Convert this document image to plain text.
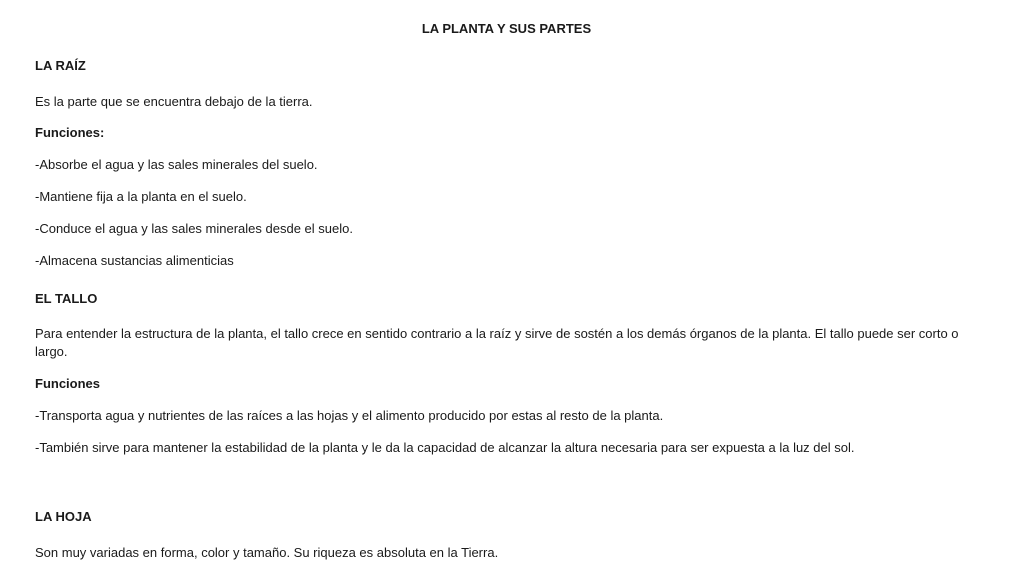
LA PLANTA Y SUS PARTES
LA RAÍZ
Es la parte que se encuentra debajo de la tierra.
Funciones:
-Absorbe el agua y las sales minerales del suelo.
-Mantiene fija a la planta en el suelo.
-Conduce el agua y las sales minerales desde el suelo.
-Almacena sustancias alimenticias
EL TALLO
Para entender la estructura de la planta, el tallo crece en sentido contrario a la raíz y sirve de sostén a los demás órganos de la planta. El tallo puede ser corto o largo.
Funciones
-Transporta agua y nutrientes de las raíces a las hojas y el alimento producido por estas al resto de la planta.
-También sirve para mantener la estabilidad de la planta y le da la capacidad de alcanzar la altura necesaria para ser expuesta a la luz del sol.
LA HOJA
Son muy variadas en forma, color y tamaño. Su riqueza es absoluta en la Tierra.
